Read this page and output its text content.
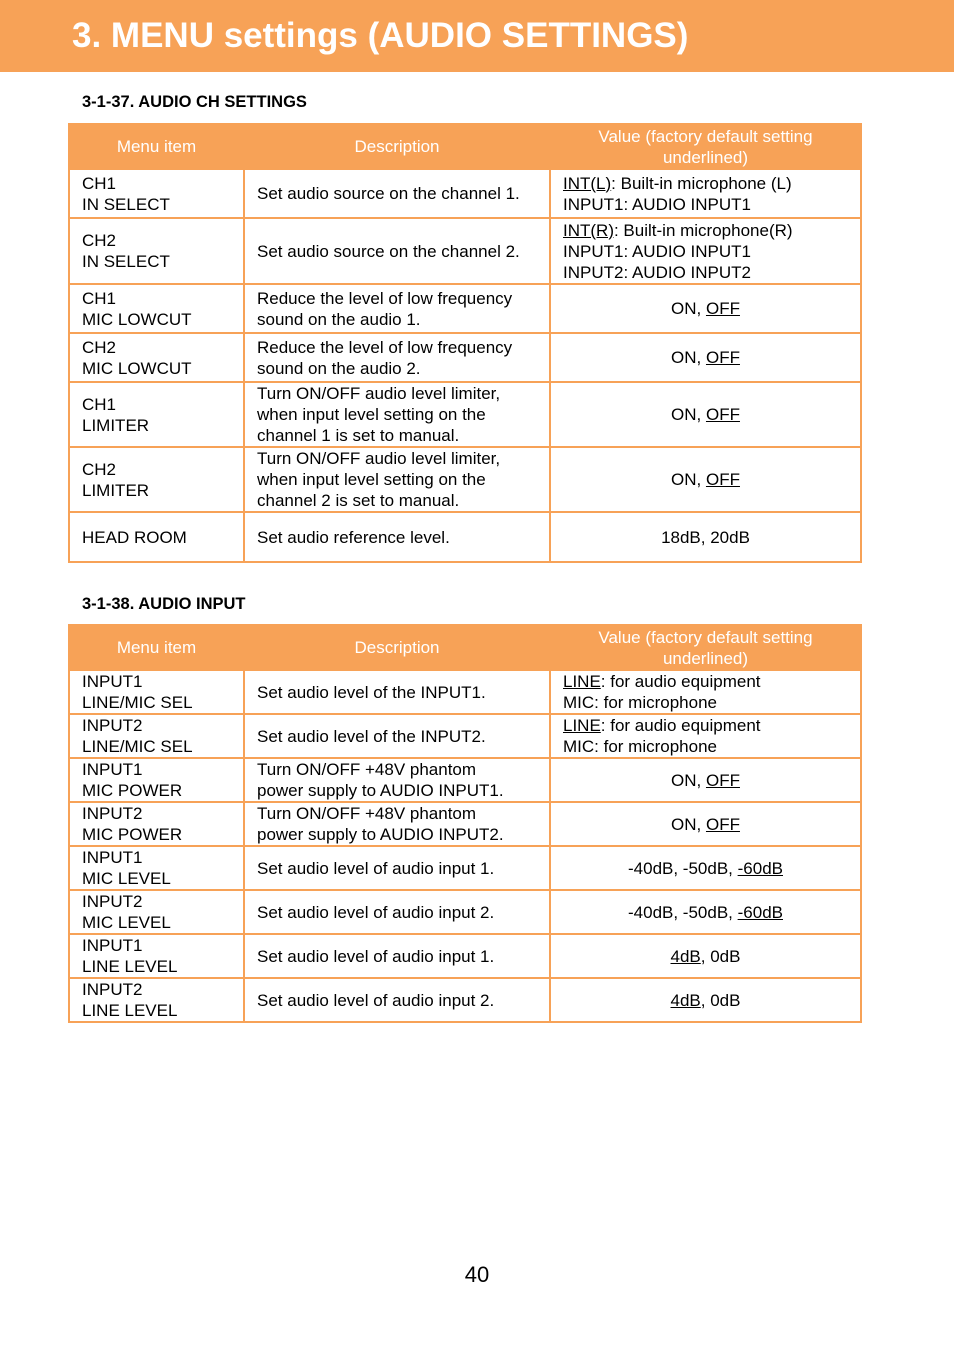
3. MENU settings (AUDIO SETTINGS)
3-1-37. AUDIO CH SETTINGS
Menu item	Description	Value (factory default setting underlined)

CH1
IN SELECT	Set audio source on the channel 1.	INT(L): Built-in microphone (L)
INPUT1: AUDIO INPUT1

CH2
IN SELECT	Set audio source on the channel 2.	INT(R): Built-in microphone(R)
INPUT1: AUDIO INPUT1
INPUT2: AUDIO INPUT2

CH1
MIC LOWCUT	Reduce the level of low frequency
sound on the audio 1.	ON, OFF

CH2
MIC LOWCUT	Reduce the level of low frequency
sound on the audio 2.	ON, OFF

CH1
LIMITER	Turn ON/OFF audio level limiter,
when input level setting on the
channel 1 is set to manual.	ON, OFF

CH2
LIMITER	Turn ON/OFF audio level limiter,
when input level setting on the
channel 2 is set to manual.	ON, OFF

HEAD ROOM	Set audio reference level.	18dB, 20dB
3-1-38. AUDIO INPUT
Menu item	Description	Value (factory default setting underlined)

INPUT1
LINE/MIC SEL	Set audio level of the INPUT1.	LINE: for audio equipment
MIC: for microphone

INPUT2
LINE/MIC SEL	Set audio level of the INPUT2.	LINE: for audio equipment
MIC: for microphone

INPUT1
MIC POWER	Turn ON/OFF +48V phantom
power supply to AUDIO INPUT1.	ON, OFF

INPUT2
MIC POWER	Turn ON/OFF +48V phantom
power supply to AUDIO INPUT2.	ON, OFF

INPUT1
MIC LEVEL	Set audio level of audio input 1.	-40dB, -50dB, -60dB

INPUT2
MIC LEVEL	Set audio level of audio input 2.	-40dB, -50dB, -60dB

INPUT1
LINE LEVEL	Set audio level of audio input 1.	4dB, 0dB

INPUT2
LINE LEVEL	Set audio level of audio input 2.	4dB, 0dB
40
